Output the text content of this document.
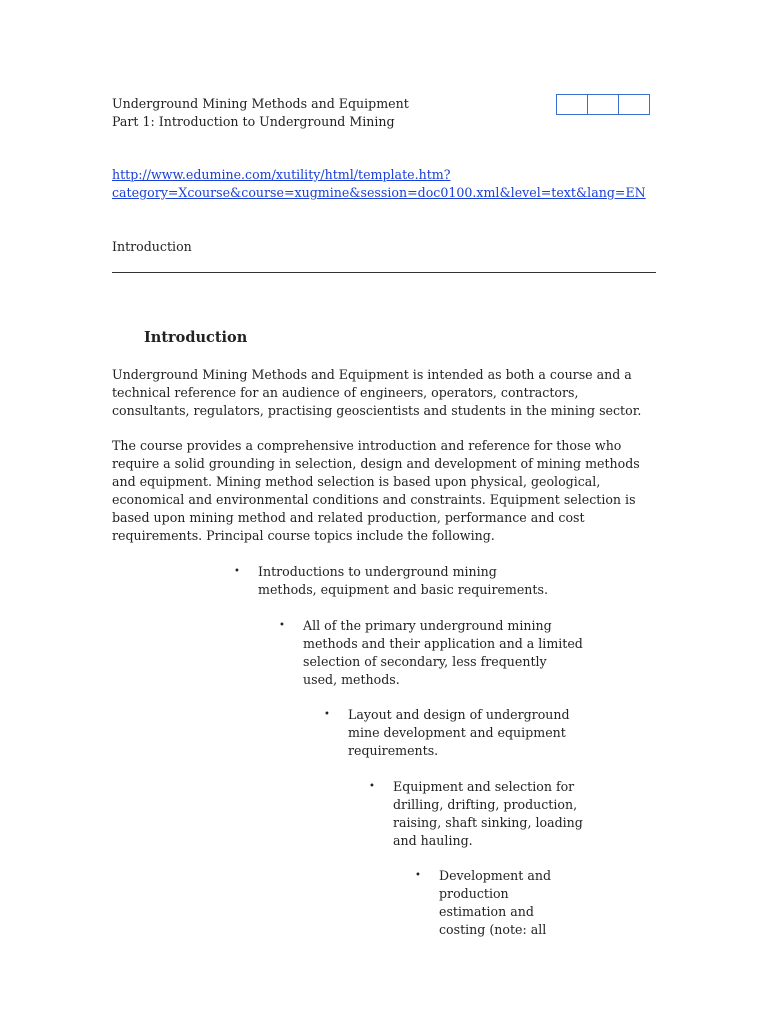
Underground Mining Methods and Equipment
Part 1: Introduction to Underground Mining
http://www.edumine.com/xutility/html/template.htm?
category=Xcourse&course=xugmine&session=doc0100.xml&level=text&lang=EN
Introduction
Introduction
Underground Mining Methods and Equipment is intended as both a course and a technical reference for an audience of engineers, operators, contractors, consultants, regulators, practising geoscientists and students in the mining sector.
The course provides a comprehensive introduction and reference for those who require a solid grounding in selection, design and development of mining methods and equipment. Mining method selection is based upon physical, geological, economical and environmental conditions and constraints. Equipment selection is based upon mining method and related production, performance and cost requirements. Principal course topics include the following.
• Introductions to underground mining methods, equipment and basic requirements.
• All of the primary underground mining methods and their application and a limited selection of secondary, less frequently used, methods.
• Layout and design of underground mine development and equipment requirements.
• Equipment and selection for drilling, drifting, production, raising, shaft sinking, loading and hauling.
• Development and production estimation and costing (note: all
